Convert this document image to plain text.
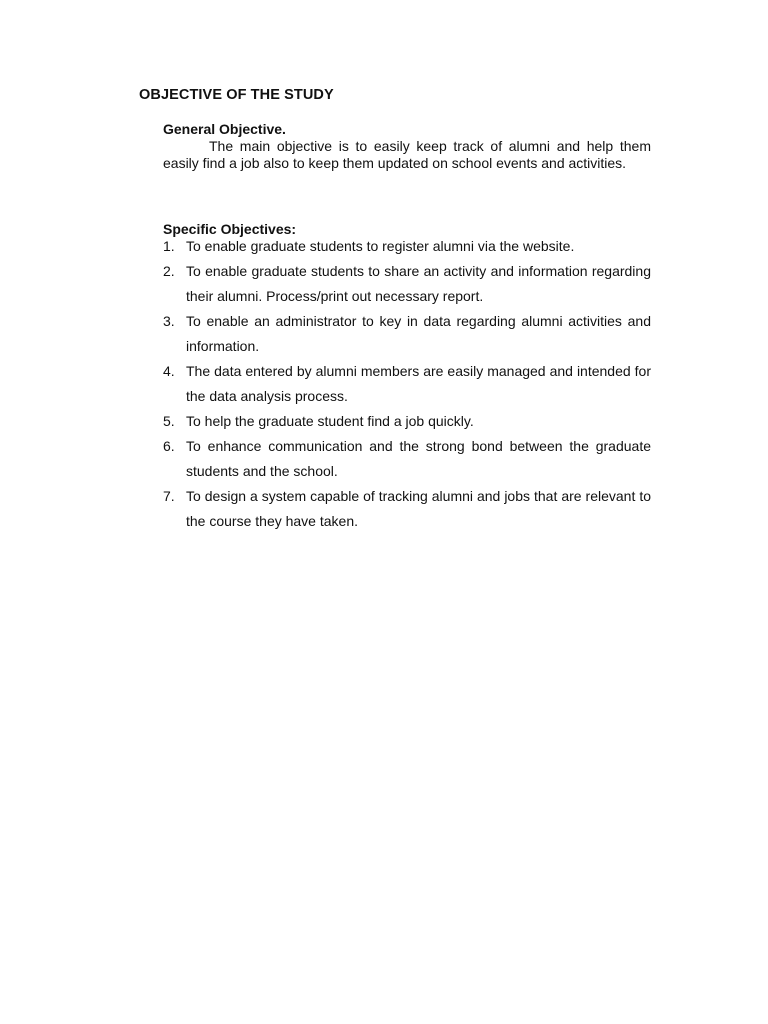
OBJECTIVE OF THE STUDY
General Objective.

The main objective is to easily keep track of alumni and help them easily find a job also to keep them updated on school events and activities.

Specific Objectives:
1. To enable graduate students to register alumni via the website.
2. To enable graduate students to share an activity and information regarding their alumni. Process/print out necessary report.
3. To enable an administrator to key in data regarding alumni activities and information.
4. The data entered by alumni members are easily managed and intended for the data analysis process.
5. To help the graduate student find a job quickly.
6. To enhance communication and the strong bond between the graduate students and the school.
7. To design a system capable of tracking alumni and jobs that are relevant to the course they have taken.
